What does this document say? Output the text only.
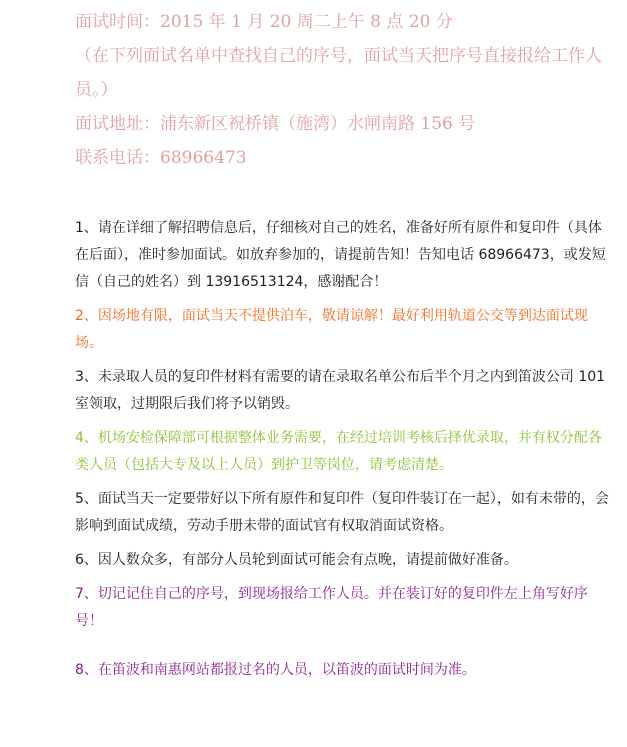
面试时间：2015 年 1 月 20 周二上午 8 点 20 分

（在下列面试名单中查找自己的序号，面试当天把序号直接报给工作人员。）

面试地址：浦东新区祝桥镇（施湾）水闸南路 156 号

联系电话：68966473

1、请在详细了解招聘信息后，仔细核对自己的姓名，准备好所有原件和复印件（具体在后面），准时参加面试。如放弃参加的，请提前告知！告知电话 68966473，或发短信（自己的姓名）到 13916513124，感谢配合！

2、因场地有限，面试当天不提供泊车，敬请谅解！最好利用轨道公交等到达面试现场。

3、未录取人员的复印件材料有需要的请在录取名单公布后半个月之内到笛波公司 101 室领取，过期限后我们将予以销毁。

4、机场安检保障部可根据整体业务需要，在经过培训考核后择优录取，并有权分配各类人员（包括大专及以上人员）到护卫等岗位，请考虑清楚。

5、面试当天一定要带好以下所有原件和复印件（复印件装订在一起），如有未带的，会影响到面试成绩，劳动手册未带的面试官有权取消面试资格。

6、因人数众多，有部分人员轮到面试可能会有点晚，请提前做好准备。

7、切记记住自己的序号，到现场报给工作人员。并在装订好的复印件左上角写好序号！

8、在笛波和南惠网站都报过名的人员，以笛波的面试时间为准。
